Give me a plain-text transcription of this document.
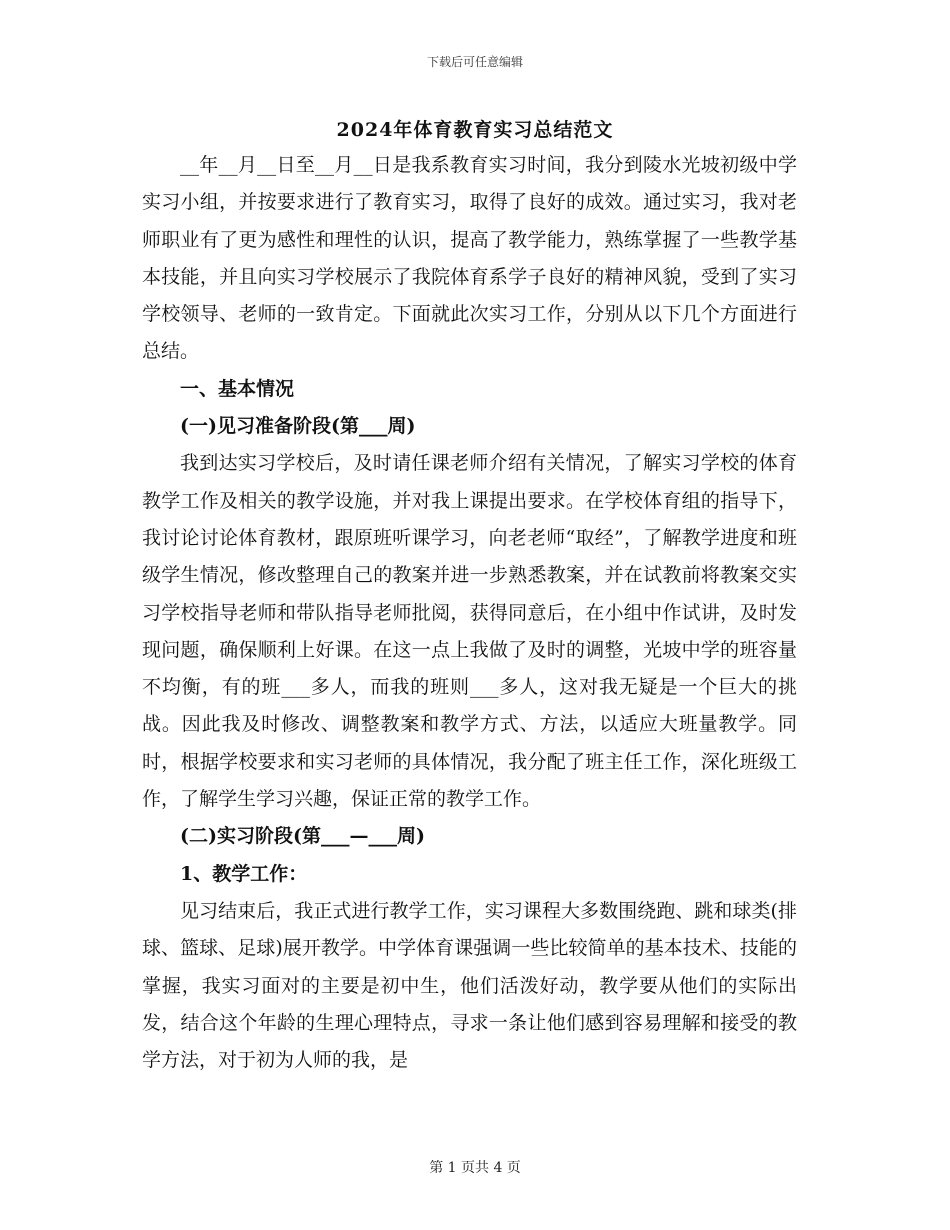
下载后可任意编辑
2024年体育教育实习总结范文

__年__月__日至__月__日是我系教育实习时间，我分到陵水光坡初级中学实习小组，并按要求进行了教育实习，取得了良好的成效。通过实习，我对老师职业有了更为感性和理性的认识，提高了教学能力，熟练掌握了一些教学基本技能，并且向实习学校展示了我院体育系学子良好的精神风貌，受到了实习学校领导、老师的一致肯定。下面就此次实习工作，分别从以下几个方面进行总结。

一、基本情况
(一)见习准备阶段(第___周)

我到达实习学校后，及时请任课老师介绍有关情况，了解实习学校的体育教学工作及相关的教学设施，并对我上课提出要求。在学校体育组的指导下，我讨论讨论体育教材，跟原班听课学习，向老老师“取经”，了解教学进度和班级学生情况，修改整理自己的教案并进一步熟悉教案，并在试教前将教案交实习学校指导老师和带队指导老师批阅，获得同意后，在小组中作试讲，及时发现问题，确保顺利上好课。在这一点上我做了及时的调整，光坡中学的班容量不均衡，有的班___多人，而我的班则___多人，这对我无疑是一个巨大的挑战。因此我及时修改、调整教案和教学方式、方法，以适应大班量教学。同时，根据学校要求和实习老师的具体情况，我分配了班主任工作，深化班级工作，了解学生学习兴趣，保证正常的教学工作。

(二)实习阶段(第___—___周)
1、教学工作：

见习结束后，我正式进行教学工作，实习课程大多数围绕跑、跳和球类(排球、篮球、足球)展开教学。中学体育课强调一些比较简单的基本技术、技能的掌握，我实习面对的主要是初中生，他们活泼好动，教学要从他们的实际出发，结合这个年龄的生理心理特点，寻求一条让他们感到容易理解和接受的教学方法，对于初为人师的我，是

第 1 页共 4 页
